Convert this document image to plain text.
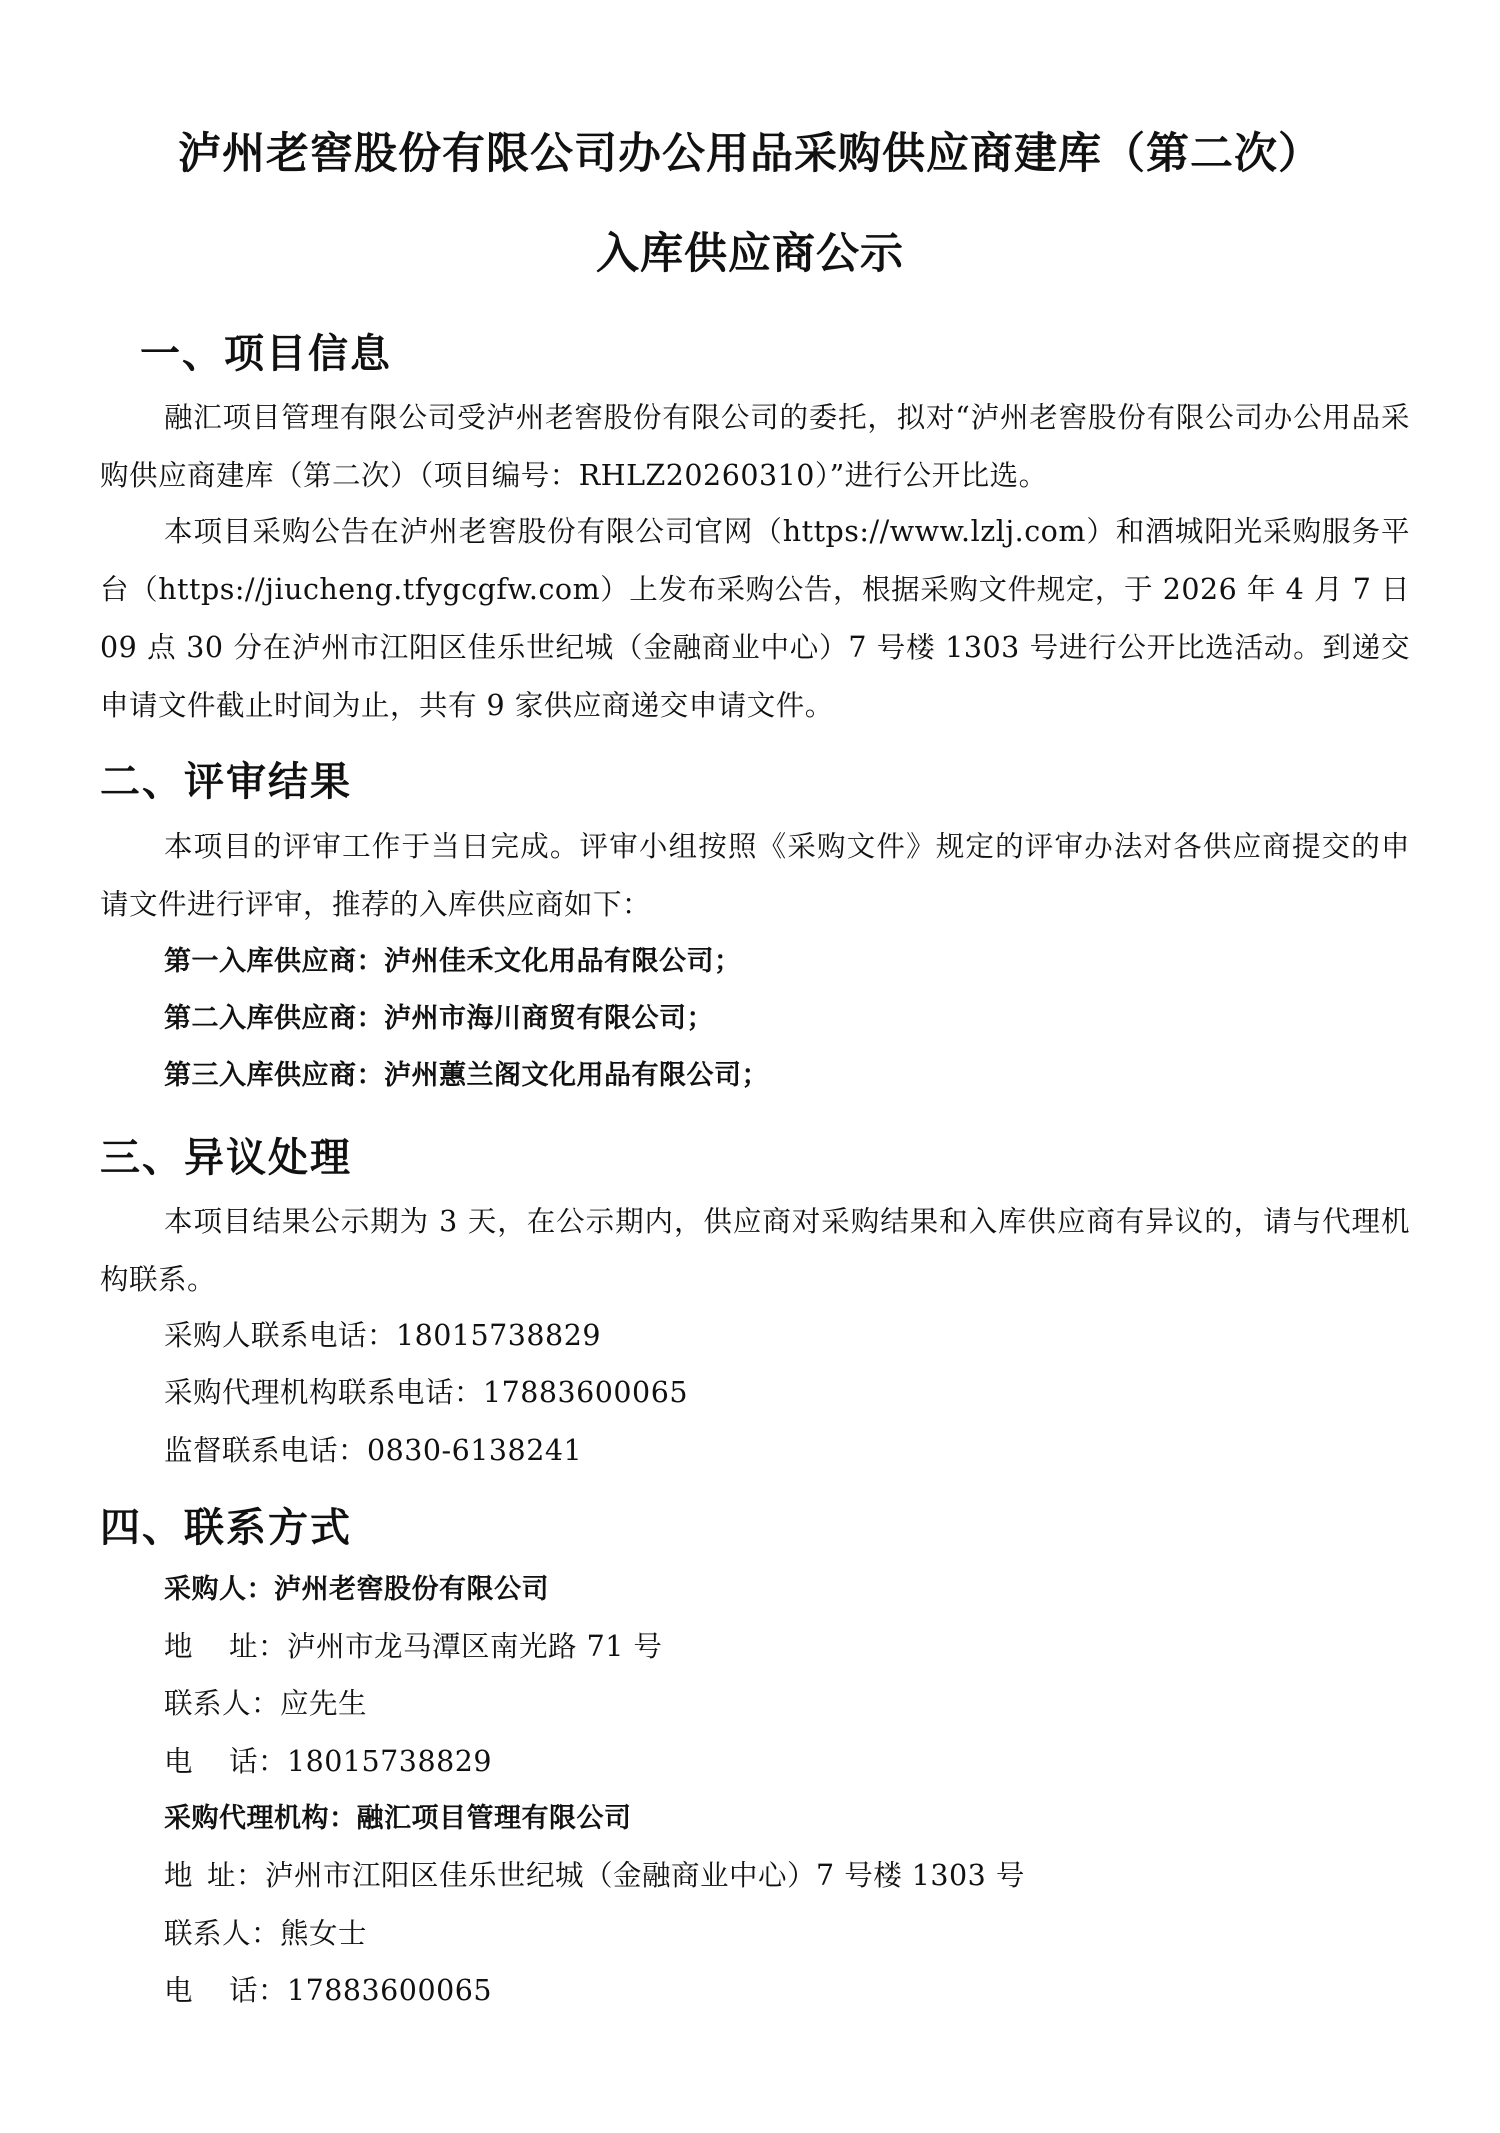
泸州老窖股份有限公司办公用品采购供应商建库（第二次）
入库供应商公示
一、项目信息

融汇项目管理有限公司受泸州老窖股份有限公司的委托，拟对“泸州老窖股份有限公司办公用品采购供应商建库（第二次）（项目编号：RHLZ20260310）”进行公开比选。

本项目采购公告在泸州老窖股份有限公司官网（https://www.lzlj.com）和酒城阳光采购服务平台（https://jiucheng.tfygcgfw.com）上发布采购公告，根据采购文件规定，于 2026 年 4 月 7 日 09 点 30 分在泸州市江阳区佳乐世纪城（金融商业中心）7 号楼 1303 号进行公开比选活动。到递交申请文件截止时间为止，共有 9 家供应商递交申请文件。

二、评审结果

本项目的评审工作于当日完成。评审小组按照《采购文件》规定的评审办法对各供应商提交的申请文件进行评审，推荐的入库供应商如下：

第一入库供应商：泸州佳禾文化用品有限公司；

第二入库供应商：泸州市海川商贸有限公司；

第三入库供应商：泸州蕙兰阁文化用品有限公司；

三、异议处理

本项目结果公示期为 3 天，在公示期内，供应商对采购结果和入库供应商有异议的，请与代理机构联系。

采购人联系电话：18015738829

采购代理机构联系电话：17883600065

监督联系电话：0830-6138241

四、联系方式

采购人：泸州老窖股份有限公司

地 址：泸州市龙马潭区南光路 71 号

联系人：应先生

电 话：18015738829

采购代理机构：融汇项目管理有限公司

地 址：泸州市江阳区佳乐世纪城（金融商业中心）7 号楼 1303 号

联系人：熊女士

电 话：17883600065
